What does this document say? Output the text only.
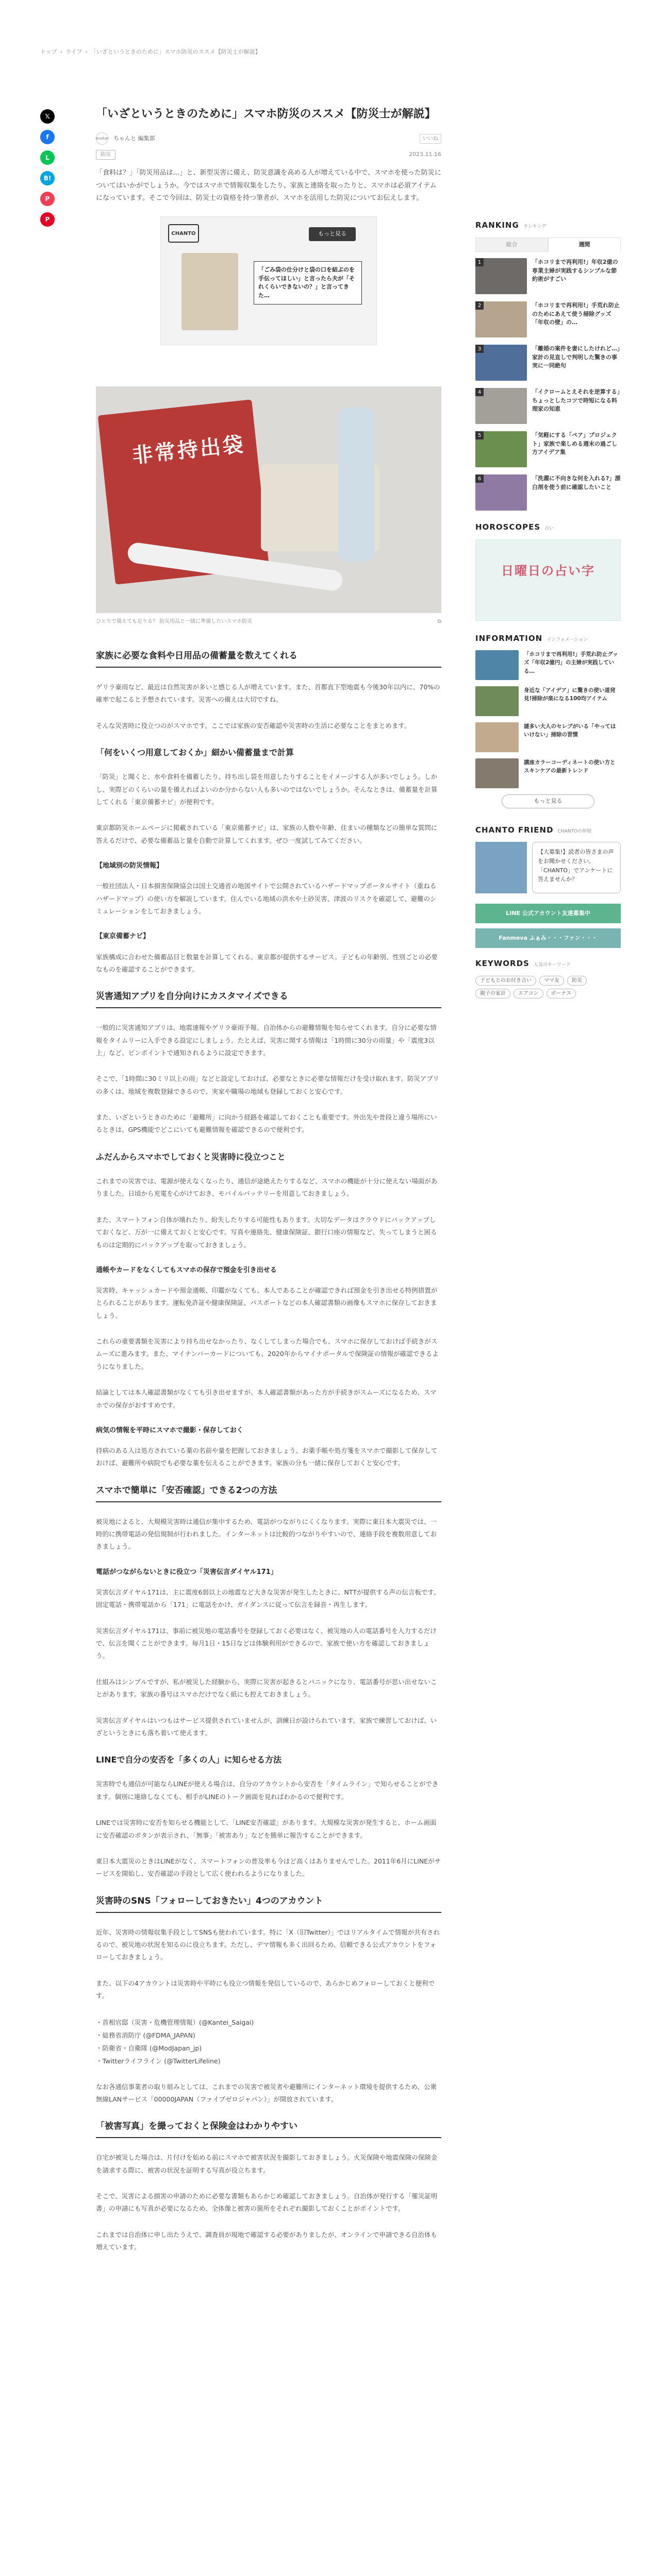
トップ › ライフ › 「いざというときのために」スマホ防災のススメ【防災士が解説】
𝕏
f
L
B!
P
P
「いざというときのために」スマホ防災のススメ【防災士が解説】
avatar ちゃんと 編集部	いいね
防災	2023.11.16

「食料は？」「防災用品は…」と、新型災害に備え、防災意識を高める人が増えている中で、スマホを使った防災についてはいかがでしょうか。今ではスマホで情報収集をしたり、家族と連絡を取ったりと、スマホは必須アイテムになっています。そこで今回は、防災士の資格を持つ筆者が、スマホを活用した防災についてお伝えします。

CHANTO	もっと見る
「ごみ袋の仕分けと袋の口を結ぶのを手伝ってほしい」と言ったら夫が「それくらいできないの？」と言ってきた…
非常持出袋
ひとりで備えても足りる？ 防災用品と一緒に準備したいスマホ防災	⧉
家族に必要な食料や日用品の備蓄量を数えてくれる

ゲリラ豪雨など、最近は自然災害が多いと感じる人が増えています。また、首都直下型地震も今後30年以内に、70%の確率で起こると予想されています。災害への備えは大切ですね。

そんな災害時に役立つのがスマホです。ここでは家族の安否確認や災害時の生活に必要なことをまとめます。

「何をいくつ用意しておくか」細かい備蓄量まで計算

「防災」と聞くと、水や食料を備蓄したり、持ち出し袋を用意したりすることをイメージする人が多いでしょう。しかし、実際どのくらいの量を備えればよいのか分からない人も多いのではないでしょうか。そんなときは、備蓄量を計算してくれる「東京備蓄ナビ」が便利です。

東京都防災ホームページに掲載されている「東京備蓄ナビ」は、家族の人数や年齢、住まいの種類などの簡単な質問に答えるだけで、必要な備蓄品と量を自動で計算してくれます。ぜひ一度試してみてください。

【地域別の防災情報】

一般社団法人・日本損害保険協会は国土交通省の地図サイトで公開されているハザードマップポータルサイト（重ねるハザードマップ）の使い方を解説しています。住んでいる地域の洪水や土砂災害、津波のリスクを確認して、避難のシミュレーションをしておきましょう。

【東京備蓄ナビ】

家族構成に合わせた備蓄品目と数量を計算してくれる。東京都が提供するサービス。子どもの年齢別、性別ごとの必要なものを確認することができます。

災害通知アプリを自分向けにカスタマイズできる

一般的に災害通知アプリは、地震速報やゲリラ豪雨予報、自治体からの避難情報を知らせてくれます。自分に必要な情報をタイムリーに入手できる設定にしましょう。たとえば、災害に関する情報は「1時間に30分の雨量」や「震度3以上」など、ピンポイントで通知されるように設定できます。

そこで、「1時間に30ミリ以上の雨」などと設定しておけば、必要なときに必要な情報だけを受け取れます。防災アプリの多くは、地域を複数登録できるので、実家や職場の地域も登録しておくと安心です。

また、いざというときのために「避難所」に向かう経路を確認しておくことも重要です。外出先や普段と違う場所にいるときは、GPS機能でどこにいても避難情報を確認できるので便利です。

ふだんからスマホでしておくと災害時に役立つこと

これまでの災害では、電源が使えなくなったり、通信が途絶えたりするなど、スマホの機能が十分に使えない場面がありました。日頃から充電を心がけておき、モバイルバッテリーを用意しておきましょう。

また、スマートフォン自体が壊れたり、紛失したりする可能性もあります。大切なデータはクラウドにバックアップしておくなど、万が一に備えておくと安心です。写真や連絡先、健康保険証、銀行口座の情報など、失ってしまうと困るものは定期的にバックアップを取っておきましょう。

通帳やカードをなくしてもスマホの保存で預金を引き出せる

災害時、キャッシュカードや預金通帳、印鑑がなくても、本人であることが確認できれば預金を引き出せる特例措置がとられることがあります。運転免許証や健康保険証、パスポートなどの本人確認書類の画像もスマホに保存しておきましょう。

これらの重要書類を災害により持ち出せなかったり、なくしてしまった場合でも、スマホに保存しておけば手続きがスムーズに進みます。また、マイナンバーカードについても、2020年からマイナポータルで保険証の情報が確認できるようになりました。

結論としては本人確認書類がなくても引き出せますが、本人確認書類があった方が手続きがスムーズになるため、スマホでの保存がおすすめです。

病気の情報を平時にスマホで撮影・保存しておく

持病のある人は処方されている薬の名前や量を把握しておきましょう。お薬手帳や処方箋をスマホで撮影して保存しておけば、避難所や病院でも必要な薬を伝えることができます。家族の分も一緒に保存しておくと安心です。

スマホで簡単に「安否確認」できる2つの方法

被災地によると、大規模災害時は通信が集中するため、電話がつながりにくくなります。実際に東日本大震災では、一時的に携帯電話の発信規制が行われました。インターネットは比較的つながりやすいので、連絡手段を複数用意しておきましょう。

電話がつながらないときに役立つ「災害伝言ダイヤル171」

災害伝言ダイヤル171は、主に震度6弱以上の地震など大きな災害が発生したときに、NTTが提供する声の伝言板です。固定電話・携帯電話から「171」に電話をかけ、ガイダンスに従って伝言を録音・再生します。

災害伝言ダイヤル171は、事前に被災地の電話番号を登録しておく必要はなく、被災地の人の電話番号を入力するだけで、伝言を聞くことができます。毎月1日・15日などは体験利用ができるので、家族で使い方を確認しておきましょう。

仕組みはシンプルですが、私が被災した経験から、実際に災害が起きるとパニックになり、電話番号が思い出せないことがあります。家族の番号はスマホだけでなく紙にも控えておきましょう。

災害伝言ダイヤルはいつもはサービス提供されていませんが、訓練日が設けられています。家族で練習しておけば、いざというときにも落ち着いて使えます。

LINEで自分の安否を「多くの人」に知らせる方法

災害時でも通信が可能ならLINEが使える場合は、自分のアカウントから安否を「タイムライン」で知らせることができます。個別に連絡しなくても、相手がLINEのトーク画面を見ればわかるので便利です。

LINEでは災害時に安否を知らせる機能として、「LINE安否確認」があります。大規模な災害が発生すると、ホーム画面に安否確認のボタンが表示され、「無事」「被害あり」などを簡単に報告することができます。

東日本大震災のときはLINEがなく、スマートフォンの普及率も今ほど高くはありませんでした。2011年6月にLINEがサービスを開始し、安否確認の手段として広く使われるようになりました。

災害時のSNS「フォローしておきたい」4つのアカウント

近年、災害時の情報収集手段としてSNSも使われています。特に「X（旧Twitter）」ではリアルタイムで情報が共有されるので、被災地の状況を知るのに役立ちます。ただし、デマ情報も多く出回るため、信頼できる公式アカウントをフォローしておきましょう。

また、以下の4アカウントは災害時や平時にも役立つ情報を発信しているので、あらかじめフォローしておくと便利です。

・ 首相官邸（災害・危機管理情報）(@Kantei_Saigai)
・ 総務省消防庁 (@FDMA_JAPAN)
・ 防衛省・自衛隊 (@ModJapan_jp)
・ Twitterライフライン (@TwitterLifeline)

なお各通信事業者の取り組みとしては、これまでの災害で被災者や避難所にインターネット環境を提供するため、公衆無線LANサービス「00000JAPAN（ファイブゼロジャパン）」が開放されています。

「被害写真」を撮っておくと保険金はわかりやすい

自宅が被災した場合は、片付けを始める前にスマホで被害状況を撮影しておきましょう。火災保険や地震保険の保険金を請求する際に、被害の状況を証明する写真が役立ちます。

そこで、災害による損害の申請のために必要な書類もあらかじめ確認しておきましょう。自治体が発行する「罹災証明書」の申請にも写真が必要になるため、全体像と被害の箇所をそれぞれ撮影しておくことがポイントです。

これまでは自治体に申し出たうえで、調査員が現地で確認する必要がありましたが、オンラインで申請できる自治体も増えています。

RANKING ランキング
総合	週間
1	「ホコリまで再利用!」年収2億の専業主婦が実践するシンプルな節約術がすごい
2	「ホコリまで再利用!」手荒れ防止のためにあえて使う掃除グッズ「年収の壁」の…
3	「離婚の案件を妻にしたけれど…」家計の見直しで判明した驚きの事実に一同絶句
4	「イクロームとえそれを逆算する」ちょっとしたコツで時短になる料理家の知恵
5	「気軽にする「ペア」プロジェクト」家族で楽しめる週末の過ごし方アイデア集
6	「洗濯に不向きな何を入れる?」漂白剤を使う前に確認したいこと
HOROSCOPES 占い
日曜日の占い字
INFORMATION インフォメーション
「ホコリまで再利用!」手荒れ防止グッズ「年収2億円」の主婦が実践している…
身近な「アイデア」に驚きの使い道発見!掃除が楽になる100均アイテム
謎多い大人のセレブがいる「やってはいけない」掃除の習慣
講座カラーコーディネートの使い方とスキンケアの最新トレンド
もっと見る
CHANTO FRIEND CHANTOの仲間
【大募集!】読者の皆さまの声をお聞かせください。「CHANTO」でアンケートに答えませんか？
LINE 公式アカウント友達募集中
Fanmeva ふぁみ・・・ファン・・・
KEYWORDS 人気のキーワード
子どもとのお付き合い	ママ友	防災
親子の家計	エアコン	ボーナス
